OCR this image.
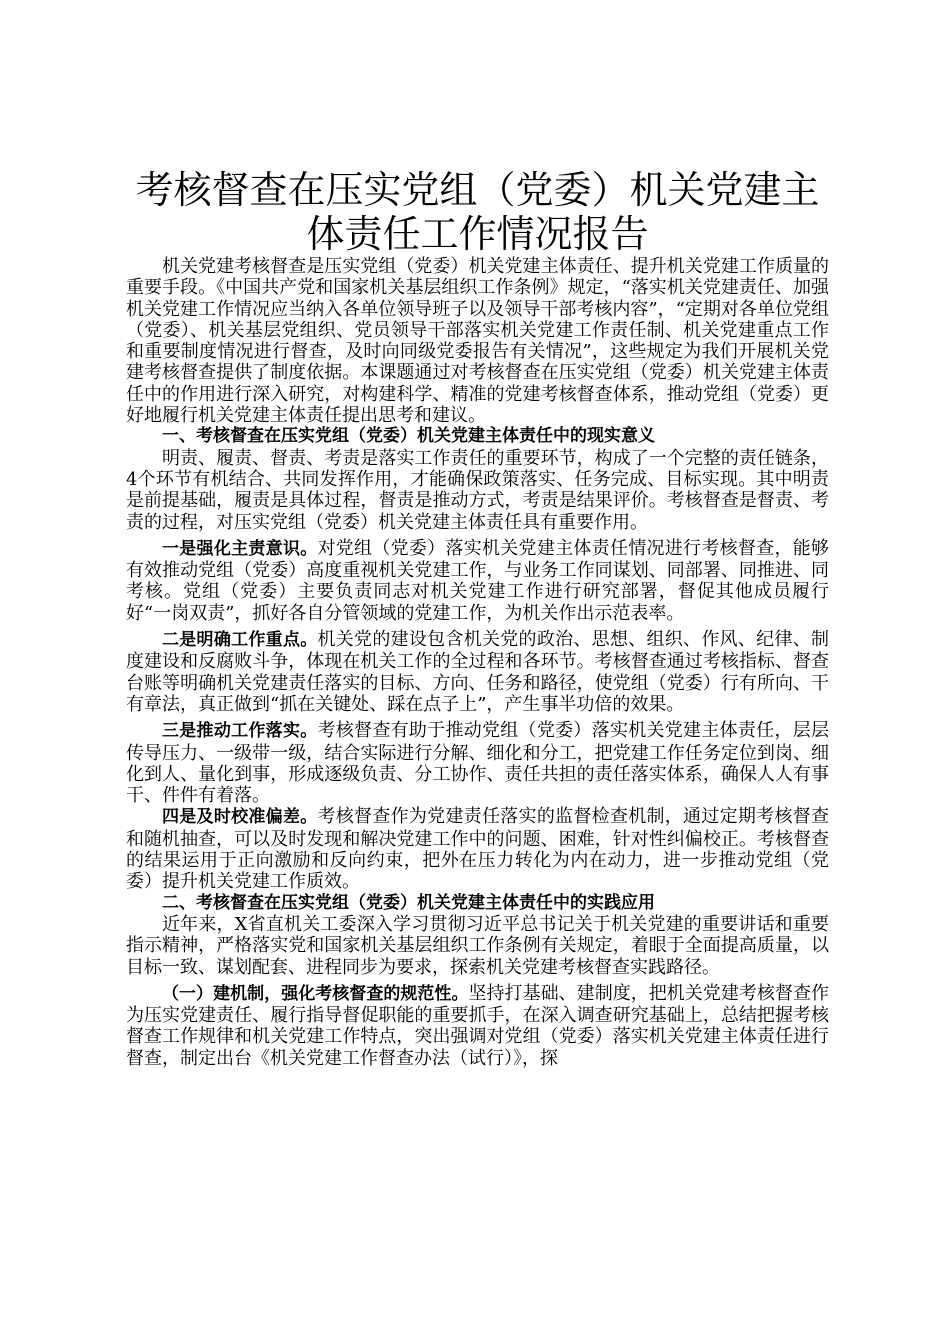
考核督查在压实党组（党委）机关党建主体责任工作情况报告

机关党建考核督查是压实党组（党委）机关党建主体责任、提升机关党建工作质量的重要手段。《中国共产党和国家机关基层组织工作条例》规定，“落实机关党建责任、加强机关党建工作情况应当纳入各单位领导班子以及领导干部考核内容”，“定期对各单位党组（党委）、机关基层党组织、党员领导干部落实机关党建工作责任制、机关党建重点工作和重要制度情况进行督查，及时向同级党委报告有关情况”，这些规定为我们开展机关党建考核督查提供了制度依据。本课题通过对考核督查在压实党组（党委）机关党建主体责任中的作用进行深入研究，对构建科学、精准的党建考核督查体系，推动党组（党委）更好地履行机关党建主体责任提出思考和建议。

一、考核督查在压实党组（党委）机关党建主体责任中的现实意义

明责、履责、督责、考责是落实工作责任的重要环节，构成了一个完整的责任链条，4个环节有机结合、共同发挥作用，才能确保政策落实、任务完成、目标实现。其中明责是前提基础，履责是具体过程，督责是推动方式，考责是结果评价。考核督查是督责、考责的过程，对压实党组（党委）机关党建主体责任具有重要作用。

一是强化主责意识。对党组（党委）落实机关党建主体责任情况进行考核督查，能够有效推动党组（党委）高度重视机关党建工作，与业务工作同谋划、同部署、同推进、同考核。党组（党委）主要负责同志对机关党建工作进行研究部署，督促其他成员履行好“一岗双责”，抓好各自分管领域的党建工作，为机关作出示范表率。

二是明确工作重点。机关党的建设包含机关党的政治、思想、组织、作风、纪律、制度建设和反腐败斗争，体现在机关工作的全过程和各环节。考核督查通过考核指标、督查台账等明确机关党建责任落实的目标、方向、任务和路径，使党组（党委）行有所向、干有章法，真正做到“抓在关键处、踩在点子上”，产生事半功倍的效果。

三是推动工作落实。考核督查有助于推动党组（党委）落实机关党建主体责任，层层传导压力、一级带一级，结合实际进行分解、细化和分工，把党建工作任务定位到岗、细化到人、量化到事，形成逐级负责、分工协作、责任共担的责任落实体系，确保人人有事干、件件有着落。

四是及时校准偏差。考核督查作为党建责任落实的监督检查机制，通过定期考核督查和随机抽查，可以及时发现和解决党建工作中的问题、困难，针对性纠偏校正。考核督查的结果运用于正向激励和反向约束，把外在压力转化为内在动力，进一步推动党组（党委）提升机关党建工作质效。

二、考核督查在压实党组（党委）机关党建主体责任中的实践应用

近年来，X省直机关工委深入学习贯彻习近平总书记关于机关党建的重要讲话和重要指示精神，严格落实党和国家机关基层组织工作条例有关规定，着眼于全面提高质量，以目标一致、谋划配套、进程同步为要求，探索机关党建考核督查实践路径。

（一）建机制，强化考核督查的规范性。坚持打基础、建制度，把机关党建考核督查作为压实党建责任、履行指导督促职能的重要抓手，在深入调查研究基础上，总结把握考核督查工作规律和机关党建工作特点，突出强调对党组（党委）落实机关党建主体责任进行督查，制定出台《机关党建工作督查办法（试行）》，探
